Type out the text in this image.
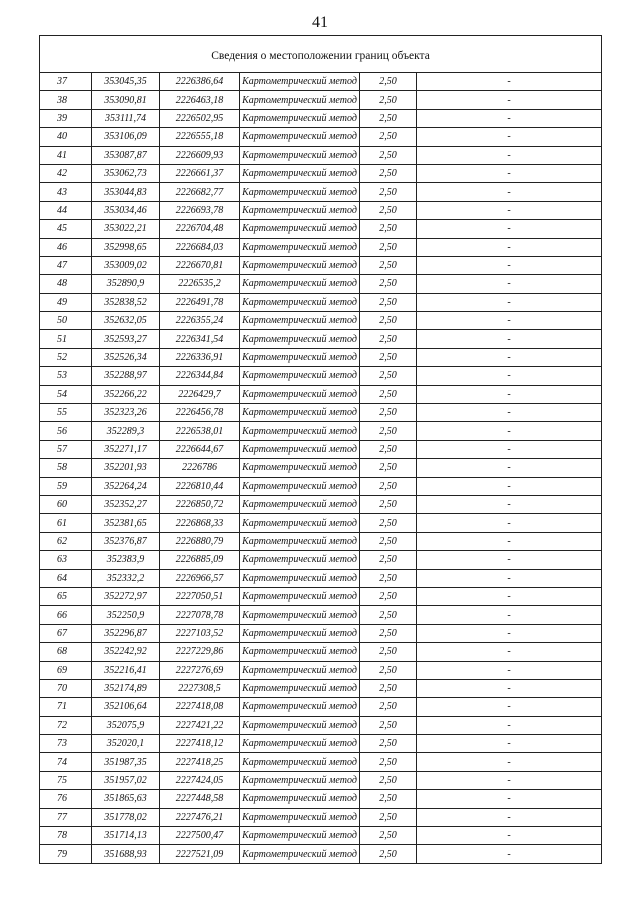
41
Сведения о местоположении границ объекта					
37	353045,35	2226386,64	Картометрический метод	2,50	-
38	353090,81	2226463,18	Картометрический метод	2,50	-
39	353111,74	2226502,95	Картометрический метод	2,50	-
40	353106,09	2226555,18	Картометрический метод	2,50	-
41	353087,87	2226609,93	Картометрический метод	2,50	-
42	353062,73	2226661,37	Картометрический метод	2,50	-
43	353044,83	2226682,77	Картометрический метод	2,50	-
44	353034,46	2226693,78	Картометрический метод	2,50	-
45	353022,21	2226704,48	Картометрический метод	2,50	-
46	352998,65	2226684,03	Картометрический метод	2,50	-
47	353009,02	2226670,81	Картометрический метод	2,50	-
48	352890,9	2226535,2	Картометрический метод	2,50	-
49	352838,52	2226491,78	Картометрический метод	2,50	-
50	352632,05	2226355,24	Картометрический метод	2,50	-
51	352593,27	2226341,54	Картометрический метод	2,50	-
52	352526,34	2226336,91	Картометрический метод	2,50	-
53	352288,97	2226344,84	Картометрический метод	2,50	-
54	352266,22	2226429,7	Картометрический метод	2,50	-
55	352323,26	2226456,78	Картометрический метод	2,50	-
56	352289,3	2226538,01	Картометрический метод	2,50	-
57	352271,17	2226644,67	Картометрический метод	2,50	-
58	352201,93	2226786	Картометрический метод	2,50	-
59	352264,24	2226810,44	Картометрический метод	2,50	-
60	352352,27	2226850,72	Картометрический метод	2,50	-
61	352381,65	2226868,33	Картометрический метод	2,50	-
62	352376,87	2226880,79	Картометрический метод	2,50	-
63	352383,9	2226885,09	Картометрический метод	2,50	-
64	352332,2	2226966,57	Картометрический метод	2,50	-
65	352272,97	2227050,51	Картометрический метод	2,50	-
66	352250,9	2227078,78	Картометрический метод	2,50	-
67	352296,87	2227103,52	Картометрический метод	2,50	-
68	352242,92	2227229,86	Картометрический метод	2,50	-
69	352216,41	2227276,69	Картометрический метод	2,50	-
70	352174,89	2227308,5	Картометрический метод	2,50	-
71	352106,64	2227418,08	Картометрический метод	2,50	-
72	352075,9	2227421,22	Картометрический метод	2,50	-
73	352020,1	2227418,12	Картометрический метод	2,50	-
74	351987,35	2227418,25	Картометрический метод	2,50	-
75	351957,02	2227424,05	Картометрический метод	2,50	-
76	351865,63	2227448,58	Картометрический метод	2,50	-
77	351778,02	2227476,21	Картометрический метод	2,50	-
78	351714,13	2227500,47	Картометрический метод	2,50	-
79	351688,93	2227521,09	Картометрический метод	2,50	-
